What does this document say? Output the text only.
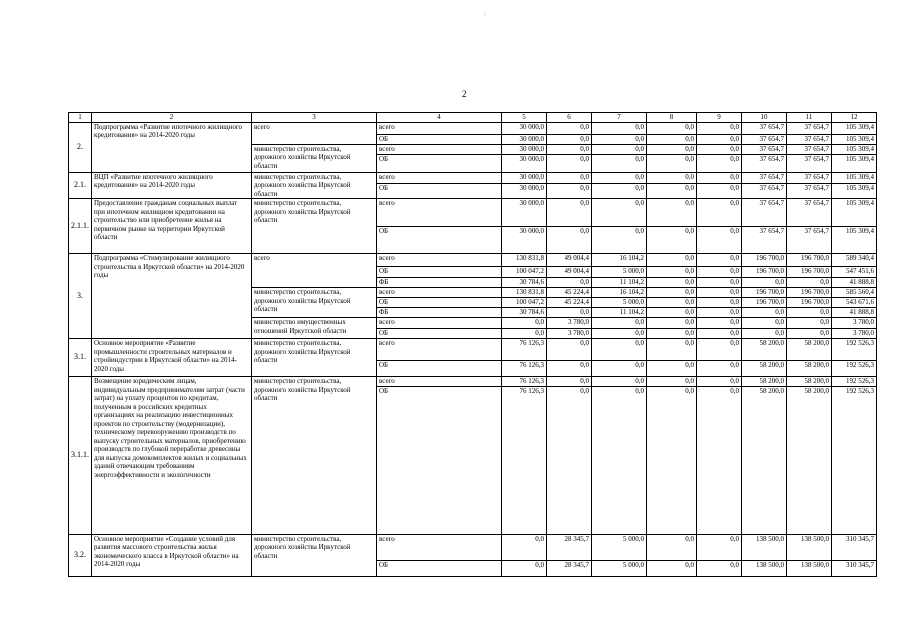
/
2
1	2	3	4	5	6	7	8	9	10	11	12
2.	Подпрограмма «Развитие ипотечного жилищного кредитования» на 2014-2020 годы	всего	всего	30 000,0	0,0	0,0	0,0	0,0	37 654,7	37 654,7	105 309,4
			ОБ	30 000,0	0,0	0,0	0,0	0,0	37 654,7	37 654,7	105 309,4
		министерство строительства, дорожного хозяйства Иркутской области	всего	30 000,0	0,0	0,0	0,0	0,0	37 654,7	37 654,7	105 309,4
			ОБ	30 000,0	0,0	0,0	0,0	0,0	37 654,7	37 654,7	105 309,4
2.1.	ВЦП «Развитие ипотечного жилищного кредитования» на 2014-2020 годы	министерство строительства, дорожного хозяйства Иркутской области	всего	30 000,0	0,0	0,0	0,0	0,0	37 654,7	37 654,7	105 309,4
			ОБ	30 000,0	0,0	0,0	0,0	0,0	37 654,7	37 654,7	105 309,4
2.1.1.	Предоставление гражданам социальных выплат при ипотечном жилищном кредитовании на строительство или приобретение жилья на первичном рынке на территории Иркутской области	министерство строительства, дорожного хозяйства Иркутской области	всего	30 000,0	0,0	0,0	0,0	0,0	37 654,7	37 654,7	105 309,4
			ОБ	30 000,0	0,0	0,0	0,0	0,0	37 654,7	37 654,7	105 309,4
3.	Подпрограмма «Стимулирование жилищного строительства в Иркутской области» на 2014-2020 годы	всего	всего	130 831,8	49 004,4	16 104,2	0,0	0,0	196 700,0	196 700,0	589 340,4
			ОБ	100 047,2	49 004,4	5 000,0	0,0	0,0	196 700,0	196 700,0	547 451,6
			ФБ	30 784,6	0,0	11 104,2	0,0	0,0	0,0	0,0	41 888,8
		министерство строительства, дорожного хозяйства Иркутской области	всего	130 831,8	45 224,4	16 104,2	0,0	0,0	196 700,0	196 700,0	585 560,4
			ОБ	100 047,2	45 224,4	5 000,0	0,0	0,0	196 700,0	196 700,0	543 671,6
			ФБ	30 784,6	0,0	11 104,2	0,0	0,0	0,0	0,0	41 888,8
		министерство имущественных отношений Иркутской области	всего	0,0	3 780,0	0,0	0,0	0,0	0,0	0,0	3 780,0
			ОБ	0,0	3 780,0	0,0	0,0	0,0	0,0	0,0	3 780,0
3.1.	Основное мероприятие «Развитие промышленности строительных материалов и стройиндустрии в Иркутской области» на 2014-2020 годы	министерство строительства, дорожного хозяйства Иркутской области	всего	76 126,3	0,0	0,0	0,0	0,0	58 200,0	58 200,0	192 526,3
			ОБ	76 126,3	0,0	0,0	0,0	0,0	58 200,0	58 200,0	192 526,3
3.1.1.	Возмещение юридическим лицам, индивидуальным предпринимателям затрат (части затрат) на уплату процентов по кредитам, полученным в российских кредитных организациях на реализацию инвестиционных проектов по строительству (модернизации), техническому перевооружению производств по выпуску строительных материалов, приобретению производств по глубокой переработке древесины для выпуска домокомплектов жилых и социальных зданий отвечающим требованиям энергоэффективности и экологичности	министерство строительства, дорожного хозяйства Иркутской области	всего	76 126,3	0,0	0,0	0,0	0,0	58 200,0	58 200,0	192 526,3
			ОБ	76 126,3	0,0	0,0	0,0	0,0	58 200,0	58 200,0	192 526,3
3.2.	Основное мероприятие «Создание условий для развития массового строительства жилья экономического класса в Иркутской области» на 2014-2020 годы	министерство строительства, дорожного хозяйства Иркутской области	всего	0,0	28 345,7	5 000,0	0,0	0,0	138 500,0	138 500,0	310 345,7
			ОБ	0,0	28 345,7	5 000,0	0,0	0,0	138 500,0	138 500,0	310 345,7
